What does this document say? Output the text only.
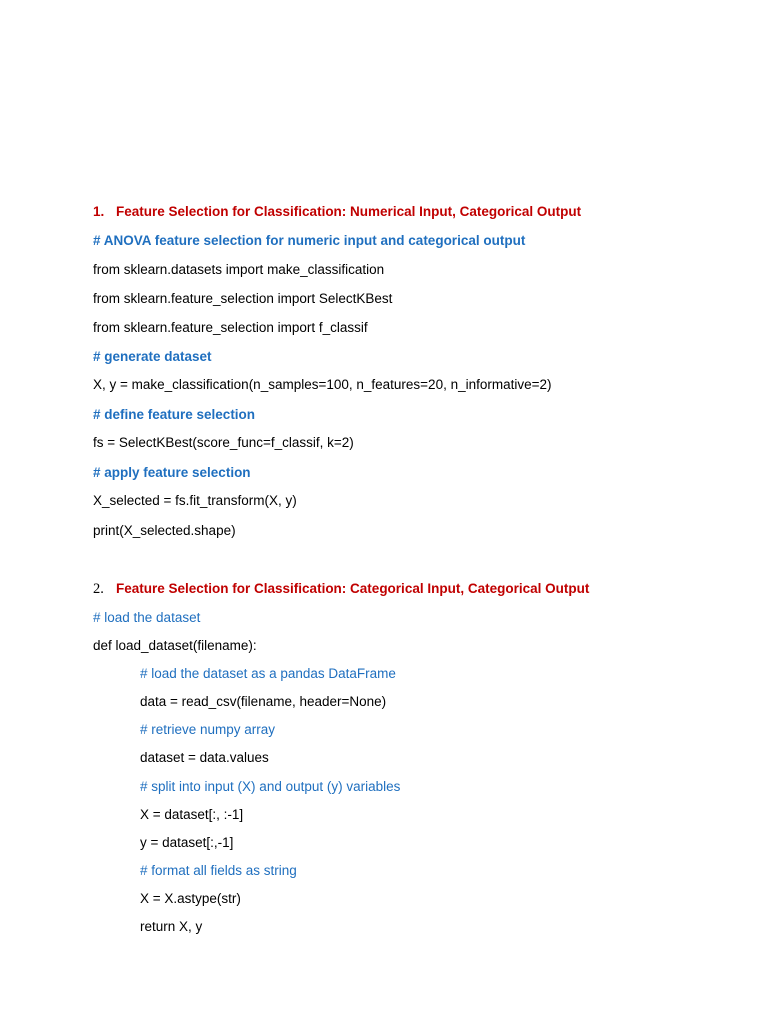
1. Feature Selection for Classification: Numerical Input, Categorical Output
# ANOVA feature selection for numeric input and categorical output
from sklearn.datasets import make_classification
from sklearn.feature_selection import SelectKBest
from sklearn.feature_selection import f_classif
# generate dataset
X, y = make_classification(n_samples=100, n_features=20, n_informative=2)
# define feature selection
fs = SelectKBest(score_func=f_classif, k=2)
# apply feature selection
X_selected = fs.fit_transform(X, y)
print(X_selected.shape)
2. Feature Selection for Classification: Categorical Input, Categorical Output
# load the dataset
def load_dataset(filename):
# load the dataset as a pandas DataFrame
data = read_csv(filename, header=None)
# retrieve numpy array
dataset = data.values
# split into input (X) and output (y) variables
X = dataset[:, :-1]
y = dataset[:,-1]
# format all fields as string
X = X.astype(str)
return X, y
